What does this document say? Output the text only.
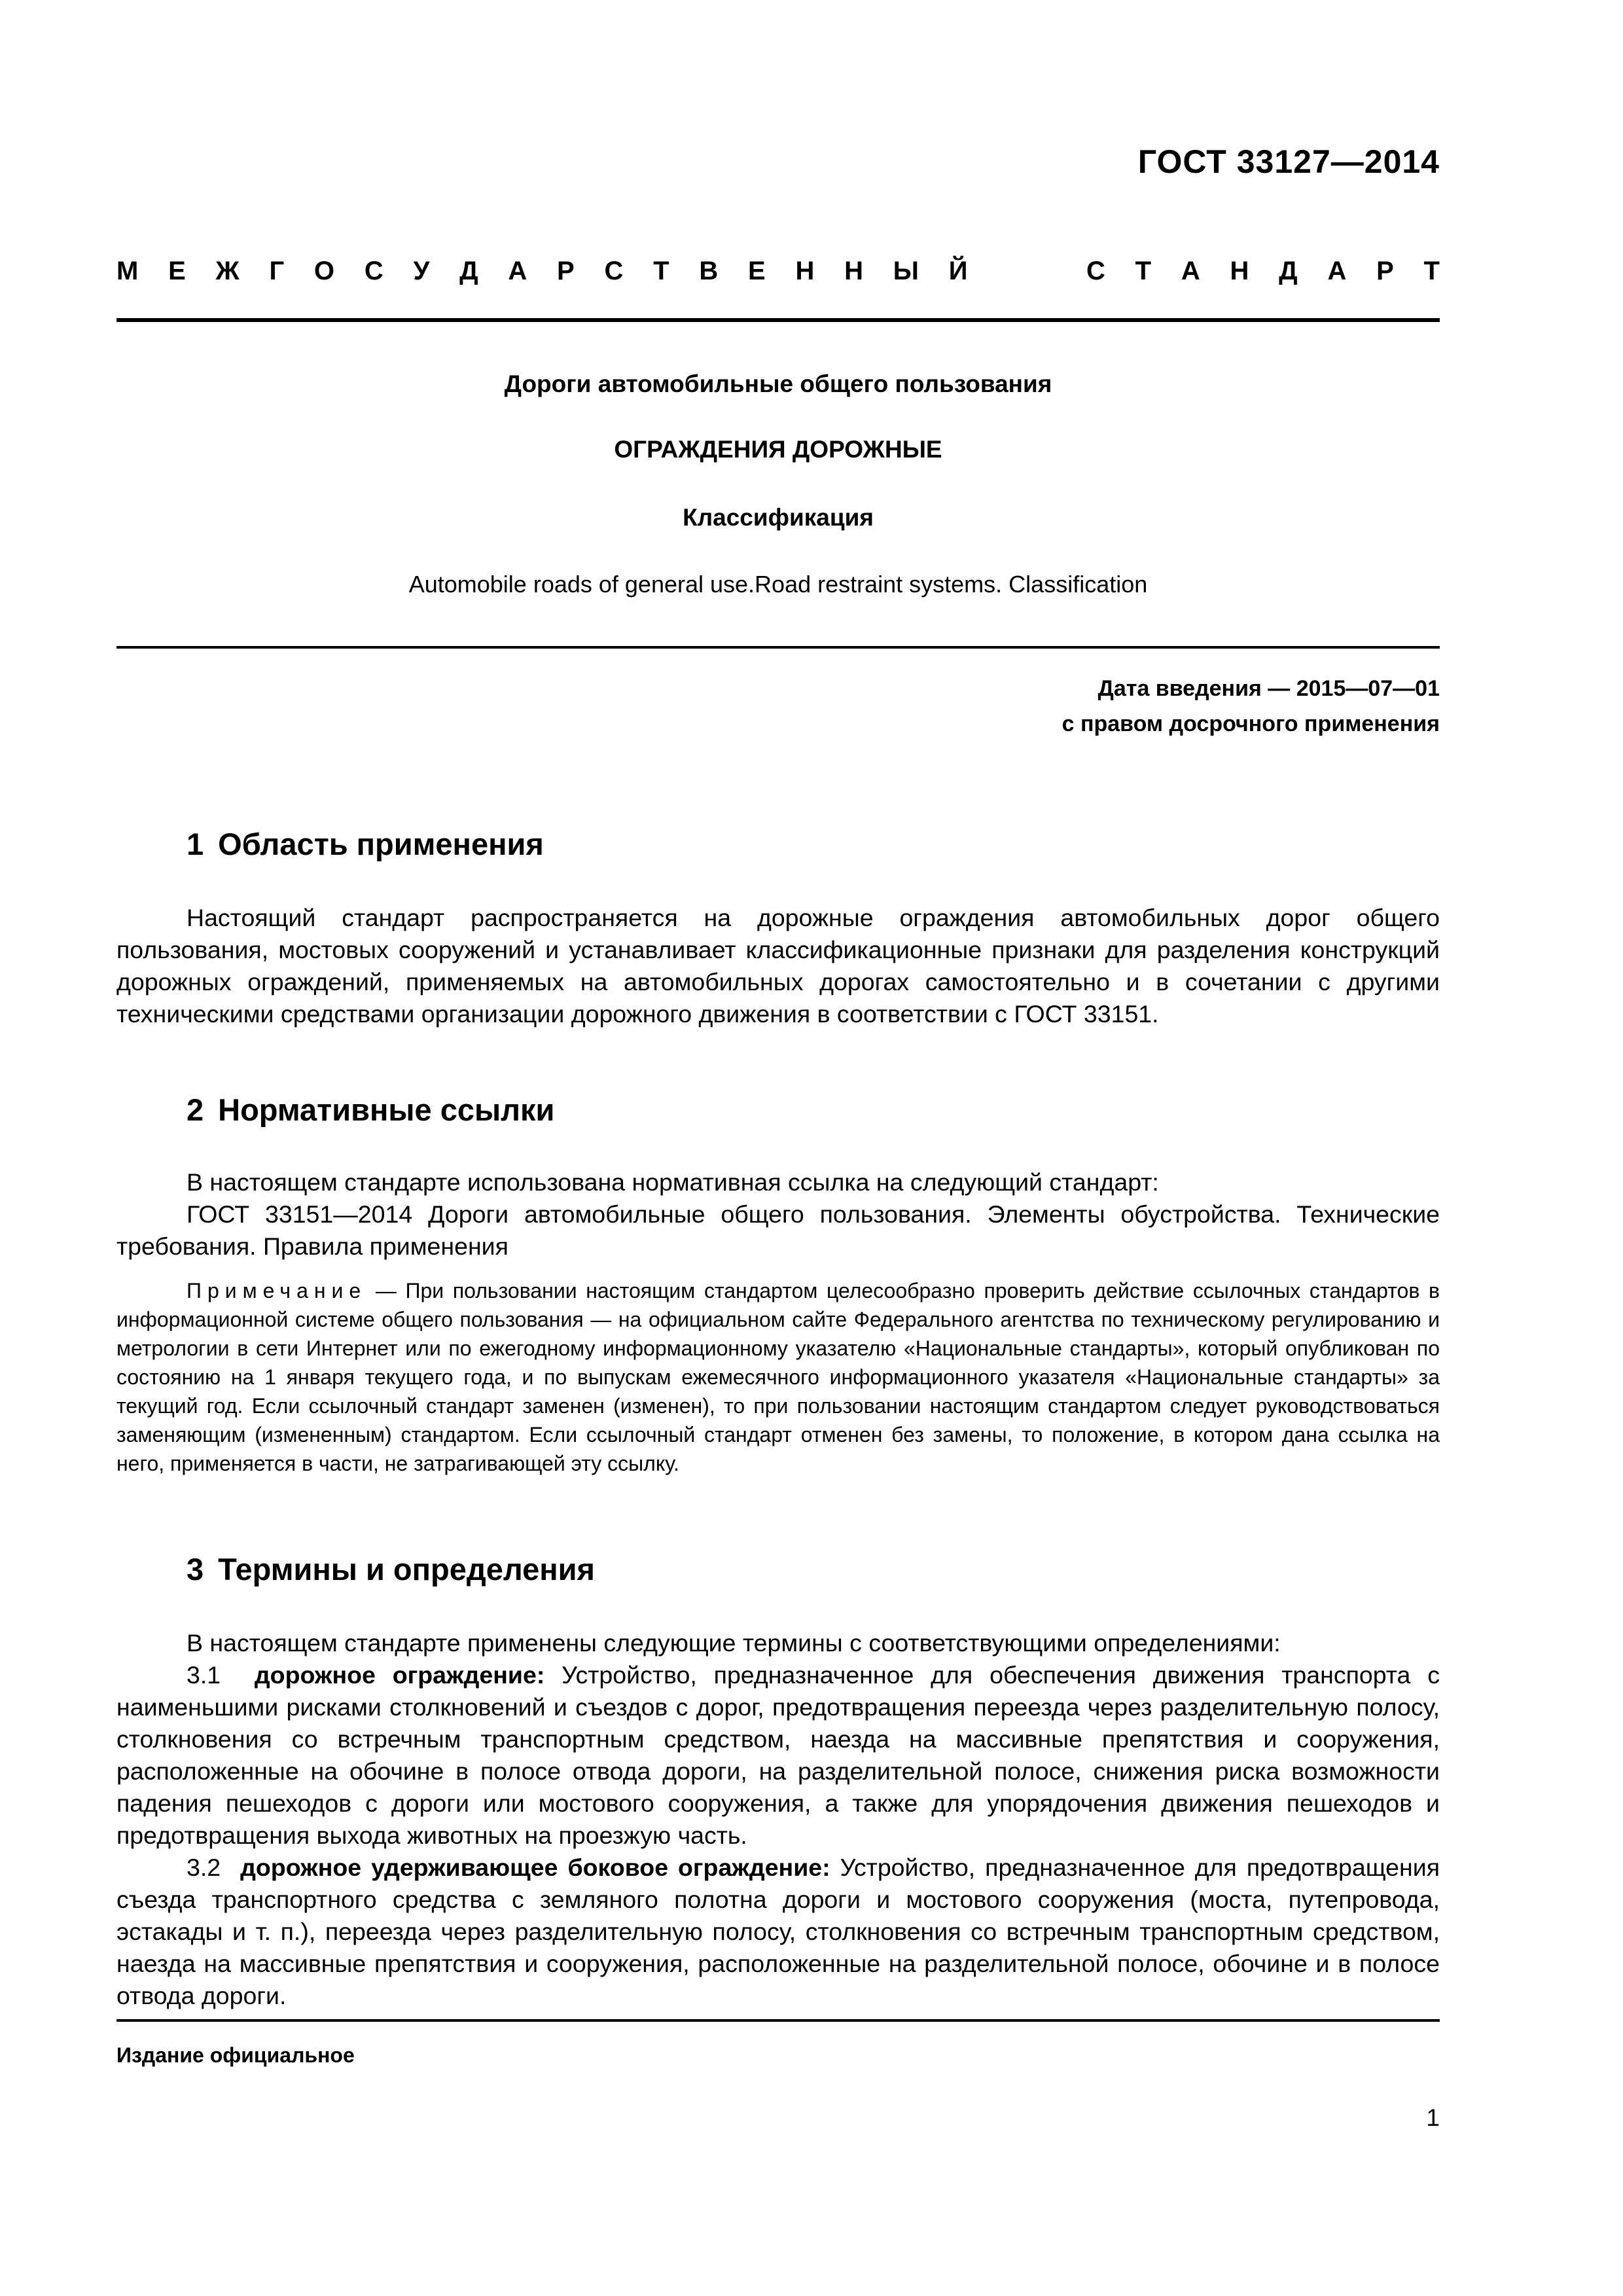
ГОСТ 33127—2014
М Е Ж Г О С У Д А Р С Т В Е Н Н Ы Й	С Т А Н Д А Р Т
Дороги автомобильные общего пользования
ОГРАЖДЕНИЯ ДОРОЖНЫЕ
Классификация
Automobile roads of general use.Road restraint systems. Classification
Дата введения — 2015—07—01
с правом досрочного применения
1 Область применения

Настоящий стандарт распространяется на дорожные ограждения автомобильных дорог общего пользования, мостовых сооружений и устанавливает классификационные признаки для разделения конструкций дорожных ограждений, применяемых на автомобильных дорогах самостоятельно и в сочетании с другими техническими средствами организации дорожного движения в соответствии с ГОСТ 33151.

2 Нормативные ссылки

В настоящем стандарте использована нормативная ссылка на следующий стандарт:

ГОСТ 33151—2014 Дороги автомобильные общего пользования. Элементы обустройства. Технические требования. Правила применения

Примечание — При пользовании настоящим стандартом целесообразно проверить действие ссылочных стандартов в информационной системе общего пользования — на официальном сайте Федерального агентства по техническому регулированию и метрологии в сети Интернет или по ежегодному информационному указателю «Национальные стандарты», который опубликован по состоянию на 1 января текущего года, и по выпускам ежемесячного информационного указателя «Национальные стандарты» за текущий год. Если ссылочный стандарт заменен (изменен), то при пользовании настоящим стандартом следует руководствоваться заменяющим (измененным) стандартом. Если ссылочный стандарт отменен без замены, то положение, в котором дана ссылка на него, применяется в части, не затрагивающей эту ссылку.

3 Термины и определения

В настоящем стандарте применены следующие термины с соответствующими определениями:

3.1 дорожное ограждение: Устройство, предназначенное для обеспечения движения транспорта с наименьшими рисками столкновений и съездов с дорог, предотвращения переезда через разделительную полосу, столкновения со встречным транспортным средством, наезда на массивные препятствия и сооружения, расположенные на обочине в полосе отвода дороги, на разделительной полосе, снижения риска возможности падения пешеходов с дороги или мостового сооружения, а также для упорядочения движения пешеходов и предотвращения выхода животных на проезжую часть.

3.2 дорожное удерживающее боковое ограждение: Устройство, предназначенное для предотвращения съезда транспортного средства с земляного полотна дороги и мостового сооружения (моста, путепровода, эстакады и т. п.), переезда через разделительную полосу, столкновения со встречным транспортным средством, наезда на массивные препятствия и сооружения, расположенные на разделительной полосе, обочине и в полосе отвода дороги.

Издание официальное
1
